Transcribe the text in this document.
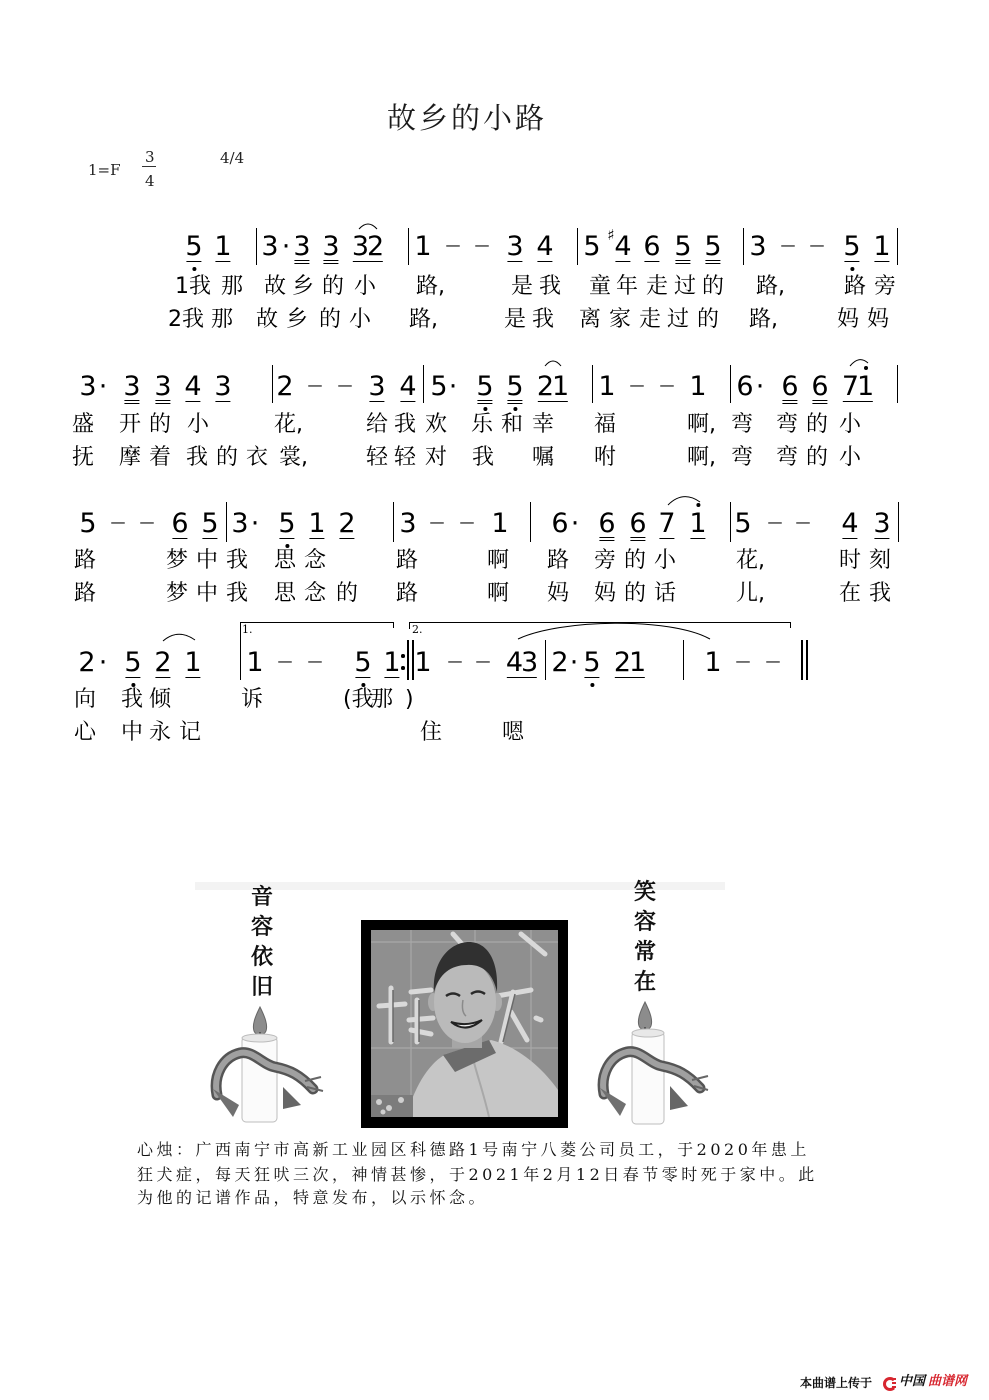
故乡的小路
1=F
3
4
4/4
5 1 3 · 3 3 32 1 — — 3 4 5 ♯ 4 6 5 5 3 — — 5 1
1我 那 故 乡 的 小 路,	是 我 童 年 走 过 的 路,	路 旁
2我 那 故 乡 的 小 路,	是 我 离 家 走 过 的 路,	妈 妈
3 · 3 3 4 3 2 — — 3 4 5 · 5 5 21 1 — — 1 6 · 6 6 71
盛 开 的 小	花,	给 我 欢 乐 和 幸 福	啊, 弯 弯 的 小
抚 摩 着 我 的 衣 裳,	轻 轻 对 我 嘱 咐	啊, 弯 弯 的 小
5 — — 6 5 3 · 5 1 2 3 — — 1 6 · 6 6 7 1 5 — — 4 3
路	梦 中 我 思 念	路	啊 路 旁 的 小	花,	时 刻
路	梦 中 我 思 念 的 路	啊 妈 妈 的 话	儿,	在 我
2 · 5 2 1
1.
1 — — 5 1
2.
1 — — 43 2 · 5 21 1 — —
向 我 倾	诉	(我
那 )
心 中 永 记	住	嗯
音
容
依
旧
笑
容
常
在
心烛：广西南宁市高新工业园区科德路1号南宁八菱公司员工，于2020年患上
狂犬症，每天狂吠三次，神情甚惨，于2021年2月12日春节零时死于家中。此
为他的记谱作品，特意发布，以示怀念。
本曲谱上传于 中国 曲谱网
